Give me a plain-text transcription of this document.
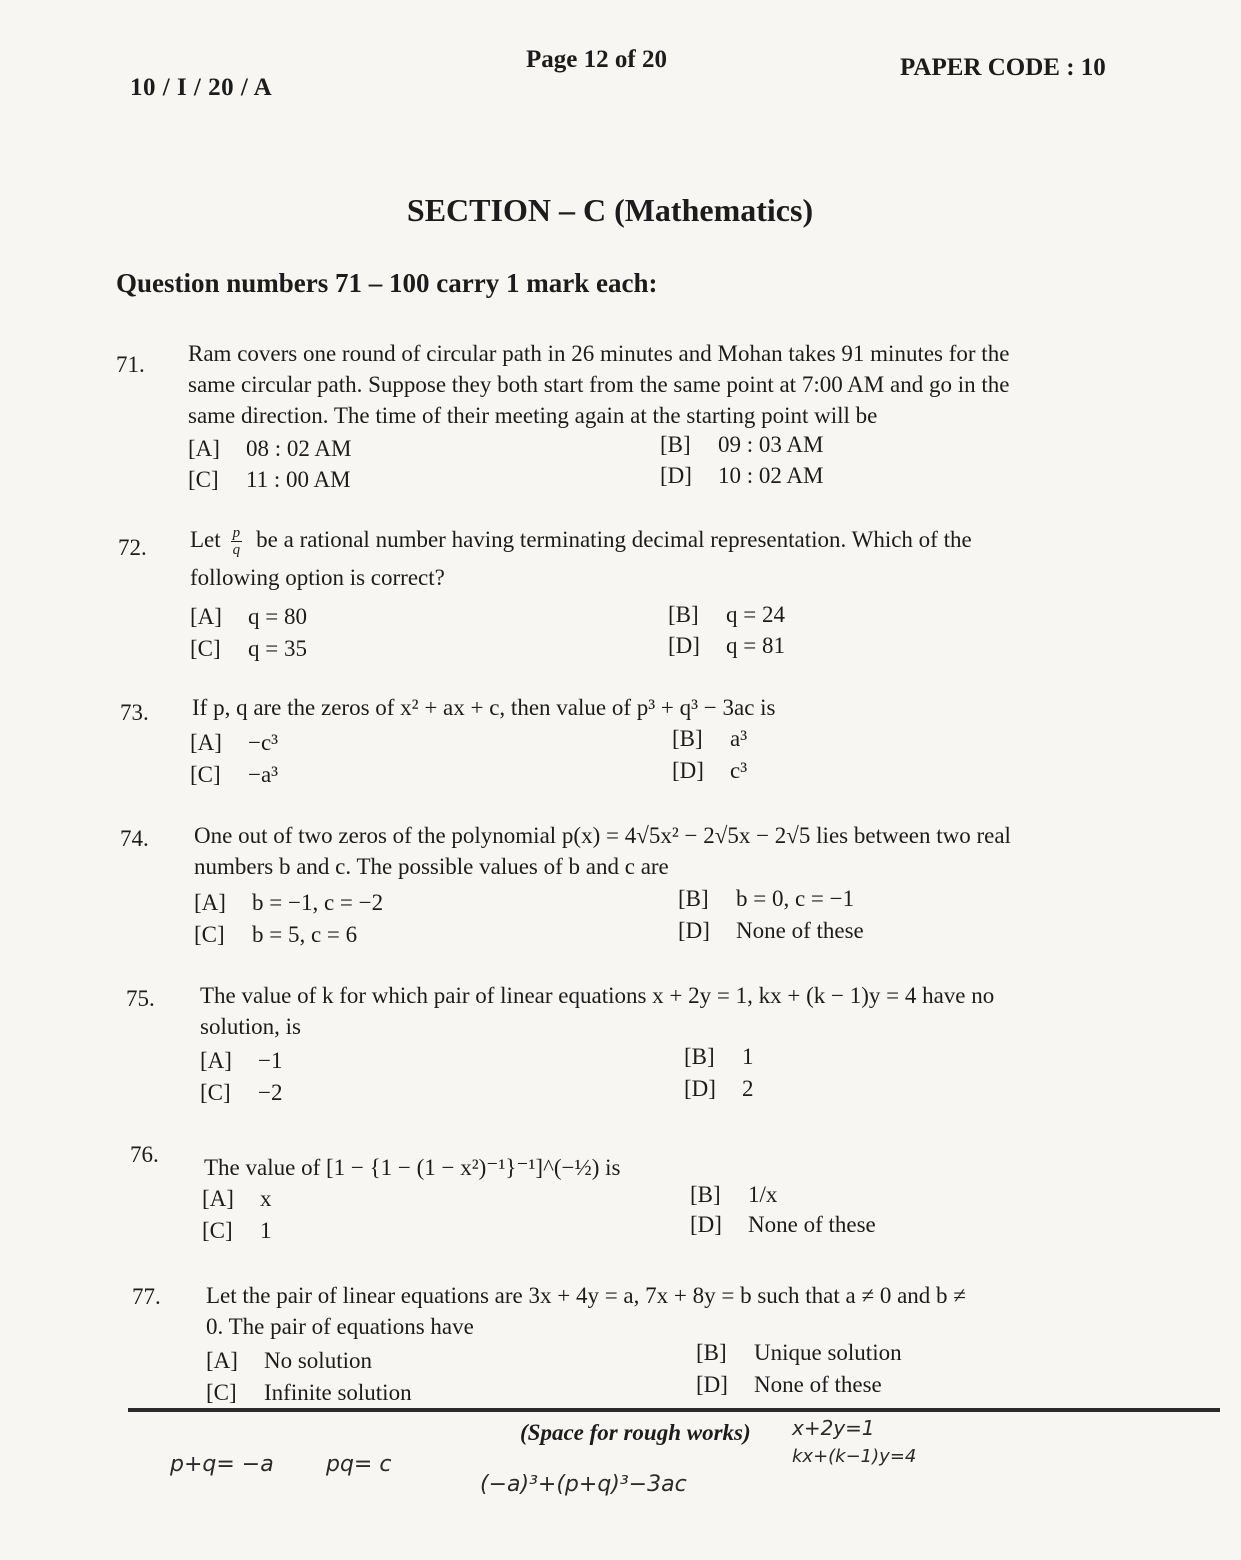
10 / I / 20 / A
Page 12 of 20	PAPER CODE : 10
SECTION – C (Mathematics)
Question numbers 71 – 100 carry 1 mark each:
71. Ram covers one round of circular path in 26 minutes and Mohan takes 91 minutes for the
same circular path. Suppose they both start from the same point at 7:00 AM and go in the
same direction. The time of their meeting again at the starting point will be
[A] 08 : 02 AM	[B] 09 : 03 AM
[C] 11 : 00 AM	[D] 10 : 02 AM
72. Let $\frac{p}{q}$ be a rational number having terminating decimal representation. Which of the
following option is correct?
[A] q = 80	[B] q = 24
[C] q = 35	[D] q = 81
73. If p, q are the zeros of x² + ax + c, then value of p³ + q³ − 3ac is
[A] −c³	[B] a³
[C] −a³	[D] c³
74. One out of two zeros of the polynomial p(x) = 4√5x² − 2√5x − 2√5 lies between two real
numbers b and c. The possible values of b and c are
[A] b = −1, c = −2	[B] b = 0, c = −1
[C] b = 5, c = 6	[D] None of these
75. The value of k for which pair of linear equations x + 2y = 1, kx + (k − 1)y = 4 have no
solution, is
[A] −1	[B] 1
[C] −2	[D] 2
76.
The value of [1 − {1 − (1 − x²)⁻¹}⁻¹]^(−½) is
[A] x	[B] 1/x
[C] 1	[D] None of these
77. Let the pair of linear equations are 3x + 4y = a, 7x + 8y = b such that a ≠ 0 and b ≠
0. The pair of equations have
[A] No solution	[B] Unique solution
[C] Infinite solution	[D] None of these
(Space for rough works)
p+q= −a pq= c
(−a)³+(p+q)³−3ac
x+2y=1
kx+(k−1)y=4
